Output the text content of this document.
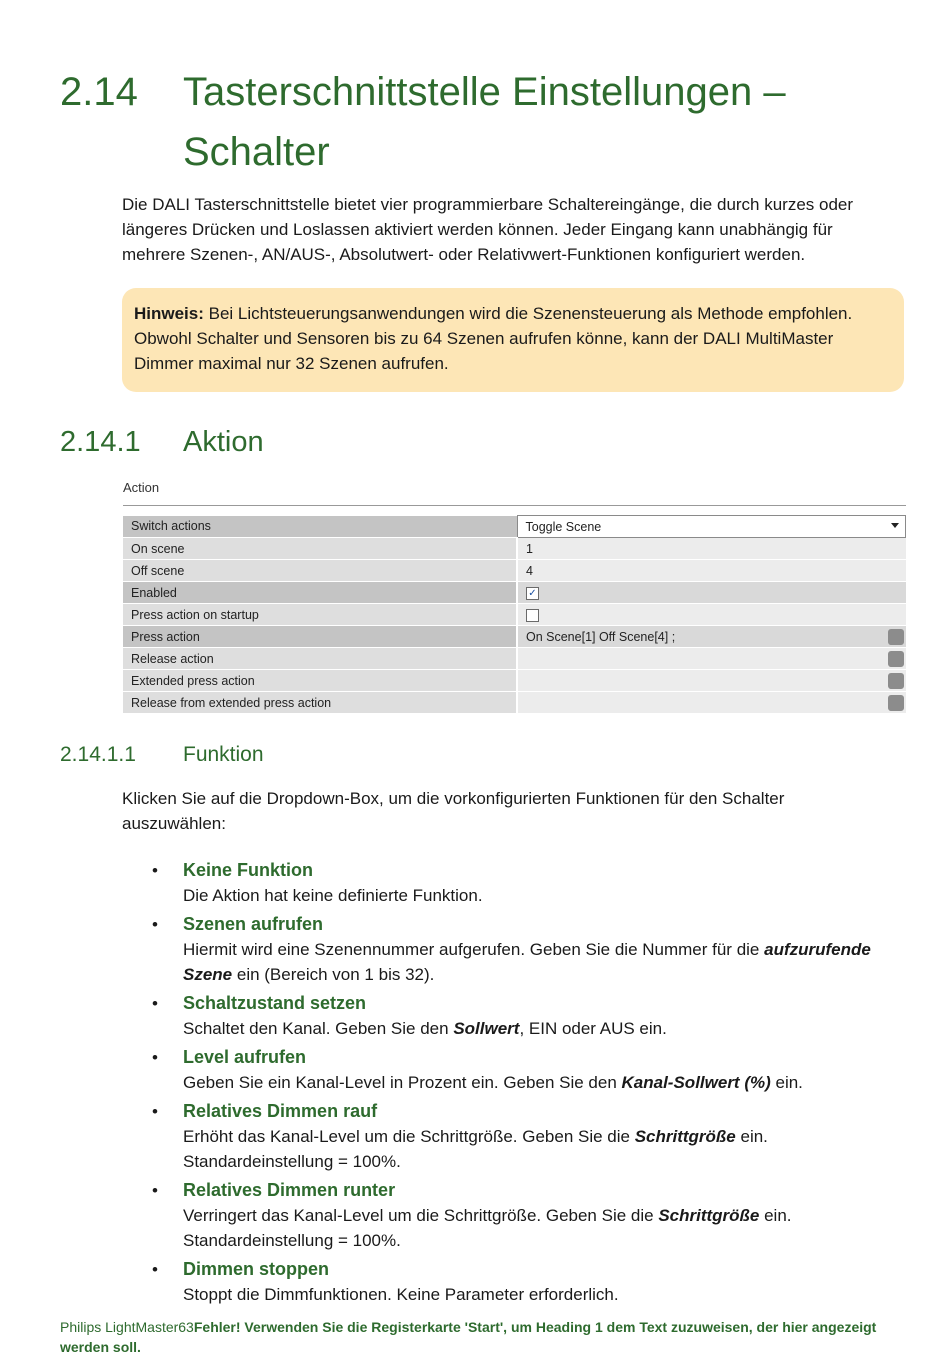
2.14 Tasterschnittstelle Einstellungen – Schalter
Die DALI Tasterschnittstelle bietet vier programmierbare Schaltereingänge, die durch kurzes oder längeres Drücken und Loslassen aktiviert werden können. Jeder Eingang kann unabhängig für mehrere Szenen-, AN/AUS-, Absolutwert- oder Relativwert-Funktionen konfiguriert werden.
Hinweis: Bei Lichtsteuerungsanwendungen wird die Szenensteuerung als Methode empfohlen. Obwohl Schalter und Sensoren bis zu 64 Szenen aufrufen könne, kann der DALI MultiMaster Dimmer maximal nur 32 Szenen aufrufen.
2.14.1 Aktion
Action
Switch actions	Toggle Scene

On scene	1
Off scene	4
Enabled	✓
Press action on startup	
Press action	On Scene[1] Off Scene[4] ;

Release action	

Extended press action	

Release from extended press action	
2.14.1.1 Funktion
Klicken Sie auf die Dropdown-Box, um die vorkonfigurierten Funktionen für den Schalter auszuwählen:
• Keine Funktion
Die Aktion hat keine definierte Funktion.
• Szenen aufrufen
Hiermit wird eine Szenennummer aufgerufen. Geben Sie die Nummer für die aufzurufende Szene ein (Bereich von 1 bis 32).
• Schaltzustand setzen
Schaltet den Kanal. Geben Sie den Sollwert, EIN oder AUS ein.
• Level aufrufen
Geben Sie ein Kanal-Level in Prozent ein. Geben Sie den Kanal-Sollwert (%) ein.
• Relatives Dimmen rauf
Erhöht das Kanal-Level um die Schrittgröße. Geben Sie die Schrittgröße ein. Standardeinstellung = 100%.
• Relatives Dimmen runter
Verringert das Kanal-Level um die Schrittgröße. Geben Sie die Schrittgröße ein. Standardeinstellung = 100%.
• Dimmen stoppen
Stoppt die Dimmfunktionen. Keine Parameter erforderlich.
Philips LightMaster63Fehler! Verwenden Sie die Registerkarte 'Start', um Heading 1 dem Text zuzuweisen, der hier angezeigt werden soll.
